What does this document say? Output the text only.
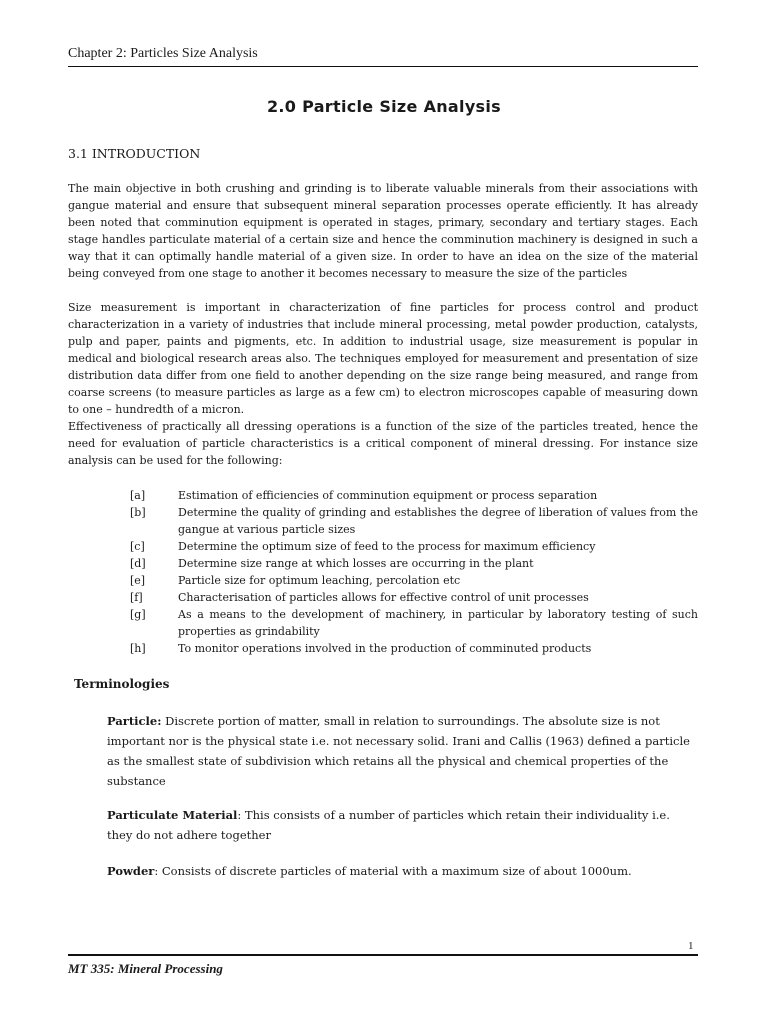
Chapter 2: Particles Size Analysis
2.0 Particle Size Analysis
3.1 INTRODUCTION

The main objective in both crushing and grinding is to liberate valuable minerals from their associations with gangue material and ensure that subsequent mineral separation processes operate efficiently. It has already been noted that comminution equipment is operated in stages, primary, secondary and tertiary stages. Each stage handles particulate material of a certain size and hence the comminution machinery is designed in such a way that it can optimally handle material of a given size. In order to have an idea on the size of the material being conveyed from one stage to another it becomes necessary to measure the size of the particles

Size measurement is important in characterization of fine particles for process control and product characterization in a variety of industries that include mineral processing, metal powder production, catalysts, pulp and paper, paints and pigments, etc. In addition to industrial usage, size measurement is popular in medical and biological research areas also. The techniques employed for measurement and presentation of size distribution data differ from one field to another depending on the size range being measured, and range from coarse screens (to measure particles as large as a few cm) to electron microscopes capable of measuring down to one – hundredth of a micron.

Effectiveness of practically all dressing operations is a function of the size of the particles treated, hence the need for evaluation of particle characteristics is a critical component of mineral dressing. For instance size analysis can be used for the following:

[a]	Estimation of efficiencies of comminution equipment or process separation
[b]	Determine the quality of grinding and establishes the degree of liberation of values from the gangue at various particle sizes
[c]	Determine the optimum size of feed to the process for maximum efficiency
[d]	Determine size range at which losses are occurring in the plant
[e]	Particle size for optimum leaching, percolation etc
[f]	Characterisation of particles allows for effective control of unit processes
[g]	As a means to the development of machinery, in particular by laboratory testing of such properties as grindability
[h]	To monitor operations involved in the production of comminuted products
Terminologies

Particle: Discrete portion of matter, small in relation to surroundings. The absolute size is not important nor is the physical state i.e. not necessary solid. Irani and Callis (1963) defined a particle as the smallest state of subdivision which retains all the physical and chemical properties of the substance

Particulate Material: This consists of a number of particles which retain their individuality i.e. they do not adhere together

Powder: Consists of discrete particles of material with a maximum size of about 1000um.

1
MT 335: Mineral Processing
